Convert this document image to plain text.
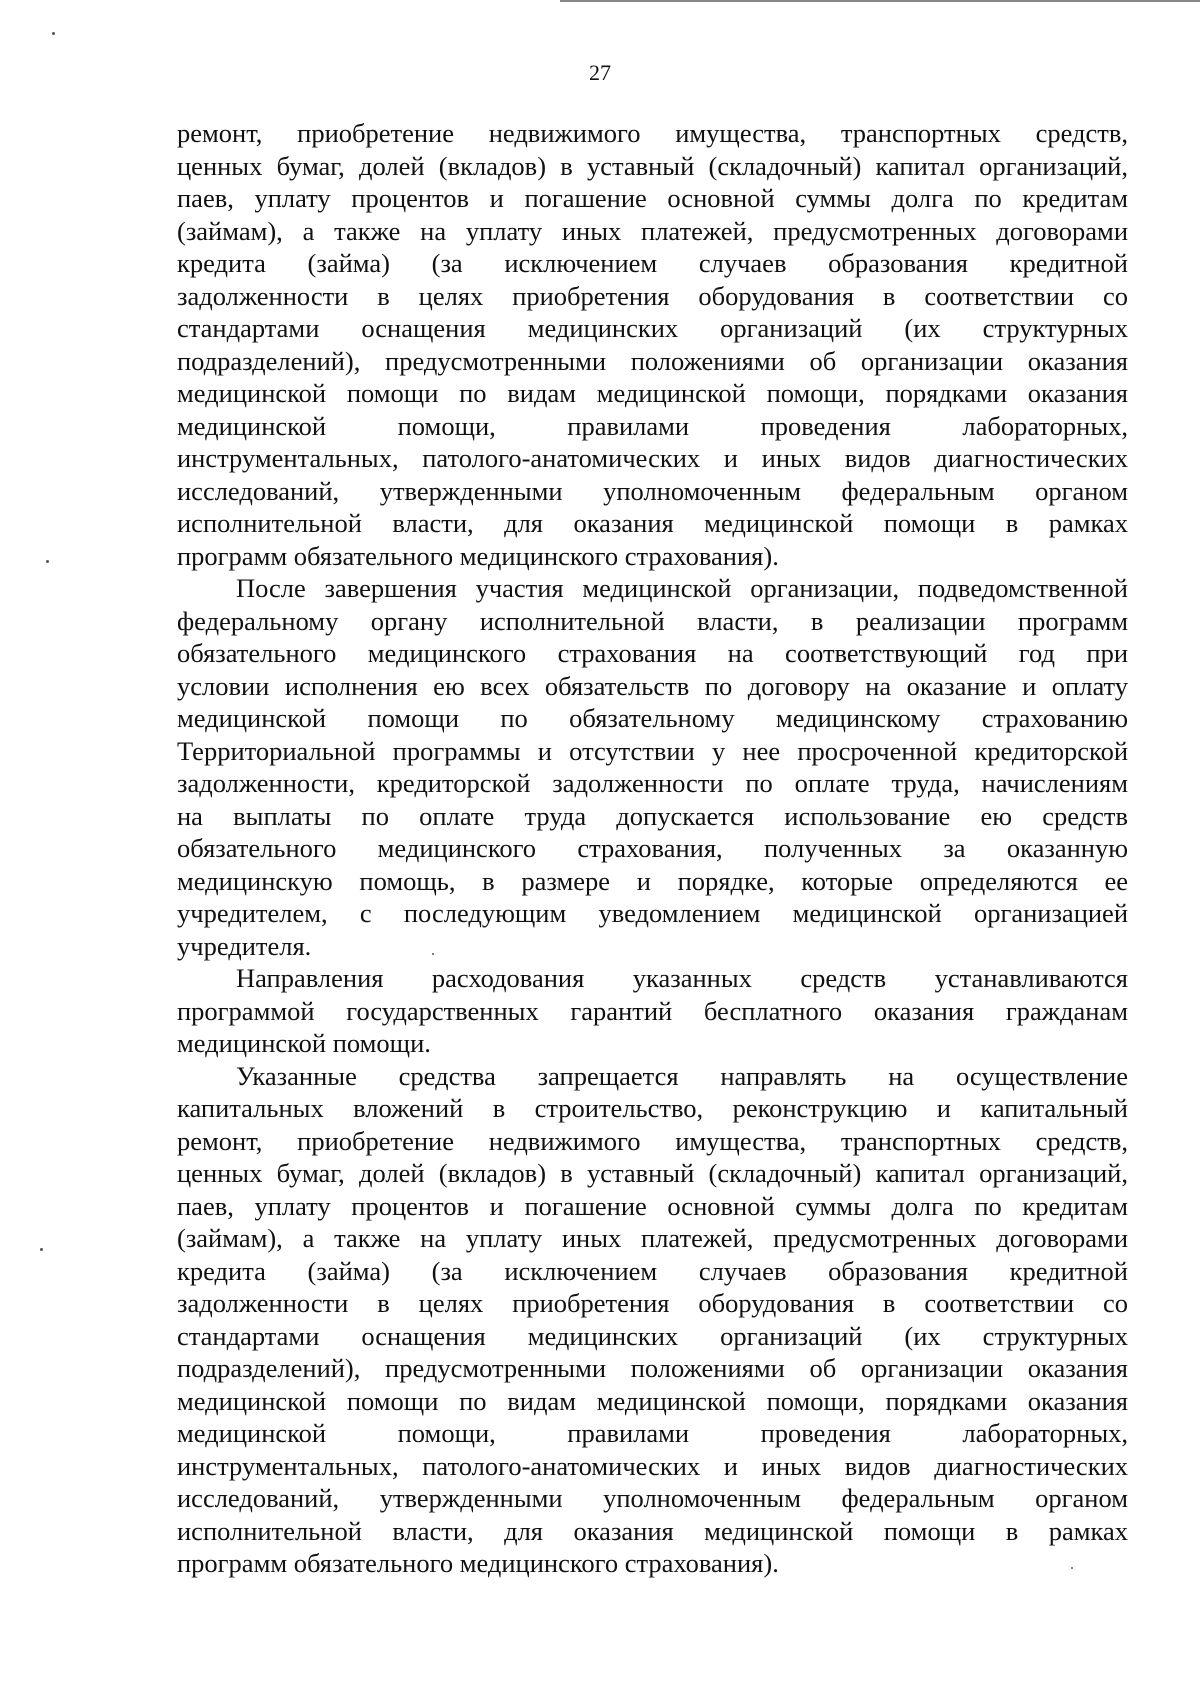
27
ремонт, приобретение недвижимого имущества, транспортных средств,
ценных бумаг, долей (вкладов) в уставный (складочный) капитал организаций,
паев, уплату процентов и погашение основной суммы долга по кредитам
(займам), а также на уплату иных платежей, предусмотренных договорами
кредита (займа) (за исключением случаев образования кредитной
задолженности в целях приобретения оборудования в соответствии со
стандартами оснащения медицинских организаций (их структурных
подразделений), предусмотренными положениями об организации оказания
медицинской помощи по видам медицинской помощи, порядками оказания
медицинской помощи, правилами проведения лабораторных,
инструментальных, патолого-анатомических и иных видов диагностических
исследований, утвержденными уполномоченным федеральным органом
исполнительной власти, для оказания медицинской помощи в рамках
программ обязательного медицинского страхования).
После завершения участия медицинской организации, подведомственной
федеральному органу исполнительной власти, в реализации программ
обязательного медицинского страхования на соответствующий год при
условии исполнения ею всех обязательств по договору на оказание и оплату
медицинской помощи по обязательному медицинскому страхованию
Территориальной программы и отсутствии у нее просроченной кредиторской
задолженности, кредиторской задолженности по оплате труда, начислениям
на выплаты по оплате труда допускается использование ею средств
обязательного медицинского страхования, полученных за оказанную
медицинскую помощь, в размере и порядке, которые определяются ее
учредителем, с последующим уведомлением медицинской организацией
учредителя.
Направления расходования указанных средств устанавливаются
программой государственных гарантий бесплатного оказания гражданам
медицинской помощи.
Указанные средства запрещается направлять на осуществление
капитальных вложений в строительство, реконструкцию и капитальный
ремонт, приобретение недвижимого имущества, транспортных средств,
ценных бумаг, долей (вкладов) в уставный (складочный) капитал организаций,
паев, уплату процентов и погашение основной суммы долга по кредитам
(займам), а также на уплату иных платежей, предусмотренных договорами
кредита (займа) (за исключением случаев образования кредитной
задолженности в целях приобретения оборудования в соответствии со
стандартами оснащения медицинских организаций (их структурных
подразделений), предусмотренными положениями об организации оказания
медицинской помощи по видам медицинской помощи, порядками оказания
медицинской помощи, правилами проведения лабораторных,
инструментальных, патолого-анатомических и иных видов диагностических
исследований, утвержденными уполномоченным федеральным органом
исполнительной власти, для оказания медицинской помощи в рамках
программ обязательного медицинского страхования).
